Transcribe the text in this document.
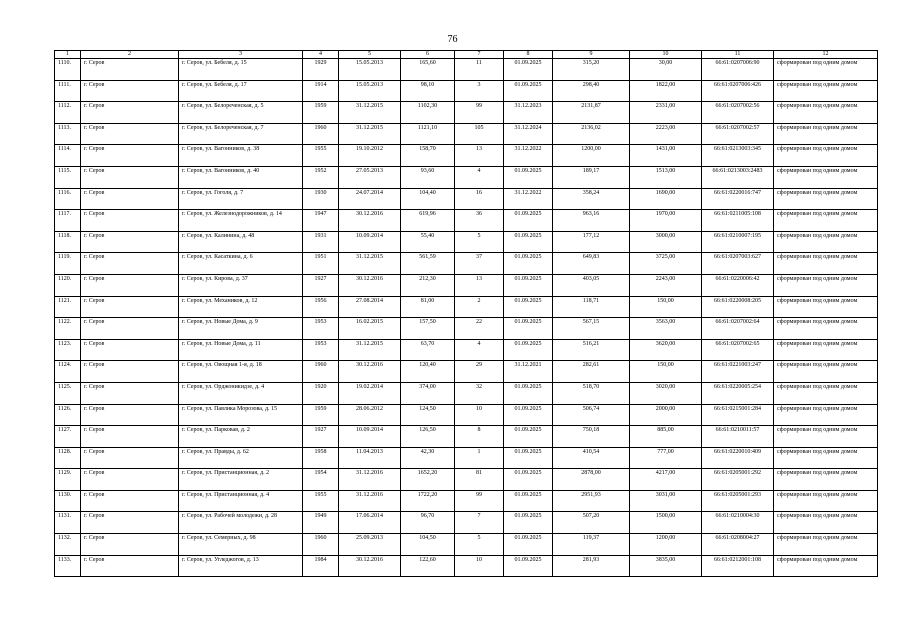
76
1	2	3	4	5	6	7	8	9	10	11	12
1110.	г. Серов	г. Серов, ул. Бебеля, д. 15	1929	15.05.2013	165,60	11	01.09.2025	315,20	30,00	66:61:0207006:90	сформирован под одним домом
1111.	г. Серов	г. Серов, ул. Бебеля, д. 17	1914	15.05.2013	98,10	3	01.09.2025	298,40	1822,00	66:61:0207006:426	сформирован под одним домом
1112.	г. Серов	г. Серов, ул. Белореченская, д. 5	1959	31.12.2015	1102,30	99	31.12.2023	2131,87	2331,00	66:61:0207002:56	сформирован под одним домом
1113.	г. Серов	г. Серов, ул. Белореченская, д. 7	1960	31.12.2015	1121,10	105	31.12.2024	2136,02	2223,00	66:61:0207002:57	сформирован под одним домом
1114.	г. Серов	г. Серов, ул. Вагонников, д. 38	1955	19.10.2012	158,70	13	31.12.2022	1200,00	1431,00	66:61:0213003:345	сформирован под одним домом
1115.	г. Серов	г. Серов, ул. Вагонников, д. 40	1952	27.05.2013	93,60	4	01.09.2025	189,17	1513,00	66:61:0213003:2483	сформирован под одним домом
1116.	г. Серов	г. Серов, ул. Гоголя, д. 7	1930	24.07.2014	104,40	16	31.12.2022	358,24	1690,00	66:61:0220016:747	сформирован под одним домом
1117.	г. Серов	г. Серов, ул. Железнодорожников, д. 14	1947	30.12.2016	619,96	36	01.09.2025	963,16	1970,00	66:61:0211005:108	сформирован под одним домом
1118.	г. Серов	г. Серов, ул. Калинина, д. 48	1931	10.09.2014	55,40	5	01.09.2025	177,12	3000,00	66:61:0210007:195	сформирован под одним домом
1119.	г. Серов	г. Серов, ул. Касаткина, д. 6	1951	31.12.2015	561,59	37	01.09.2025	649,83	3725,00	66:61:0207003:627	сформирован под одним домом
1120.	г. Серов	г. Серов, ул. Кирова, д. 37	1927	30.12.2016	212,30	13	01.09.2025	403,05	2243,00	66:61:0220006:42	сформирован под одним домом
1121.	г. Серов	г. Серов, ул. Механиков, д. 12	1956	27.08.2014	81,00	2	01.09.2025	118,71	150,00	66:61:0220008:205	сформирован под одним домом
1122.	г. Серов	г. Серов, ул. Новые Дома, д. 9	1953	16.02.2015	157,50	22	01.09.2025	567,15	3563,00	66:61:0207002:64	сформирован под одним домом
1123.	г. Серов	г. Серов, ул. Новые Дома, д. 11	1953	31.12.2015	63,70	4	01.09.2025	516,21	3620,00	66:61:0207002:65	сформирован под одним домом
1124.	г. Серов	г. Серов, ул. Овощная 1-я, д. 18	1960	30.12.2016	120,40	29	31.12.2021	282,61	150,00	66:61:0221003:247	сформирован под одним домом
1125.	г. Серов	г. Серов, ул. Орджоникидзе, д. 4	1920	19.02.2014	374,00	32	01.09.2025	518,70	3020,00	66:61:0220005:254	сформирован под одним домом
1126.	г. Серов	г. Серов, ул. Павлика Морозова, д. 15	1959	28.06.2012	124,50	10	01.09.2025	506,74	2000,00	66:61:0215001:284	сформирован под одним домом
1127.	г. Серов	г. Серов, ул. Парковая, д. 2	1927	10.09.2014	126,50	8	01.09.2025	750,18	885,00	66:61:0210011:57	сформирован под одним домом
1128.	г. Серов	г. Серов, ул. Правды, д. 62	1958	11.04.2013	42,30	1	01.09.2025	410,54	777,00	66:61:0220010:409	сформирован под одним домом
1129.	г. Серов	г. Серов, ул. Пристанционная, д. 2	1954	31.12.2016	1652,20	81	01.09.2025	2878,00	4217,00	66:61:0205001:292	сформирован под одним домом
1130.	г. Серов	г. Серов, ул. Пристанционная, д. 4	1955	31.12.2016	1722,20	99	01.09.2025	2951,93	3031,00	66:61:0205001:293	сформирован под одним домом
1131.	г. Серов	г. Серов, ул. Рабочей молодежи, д. 28	1949	17.06.2014	96,70	7	01.09.2025	507,20	1500,00	66:61:0210004:30	сформирован под одним домом
1132.	г. Серов	г. Серов, ул. Семерных, д. 98	1960	25.09.2013	104,50	5	01.09.2025	119,37	1200,00	66:61:0208004:27	сформирован под одним домом
1133.	г. Серов	г. Серов, ул. Угледжогов, д. 13	1984	30.12.2016	122,60	10	01.09.2025	281,93	3835,00	66:61:0212001:108	сформирован под одним домом
